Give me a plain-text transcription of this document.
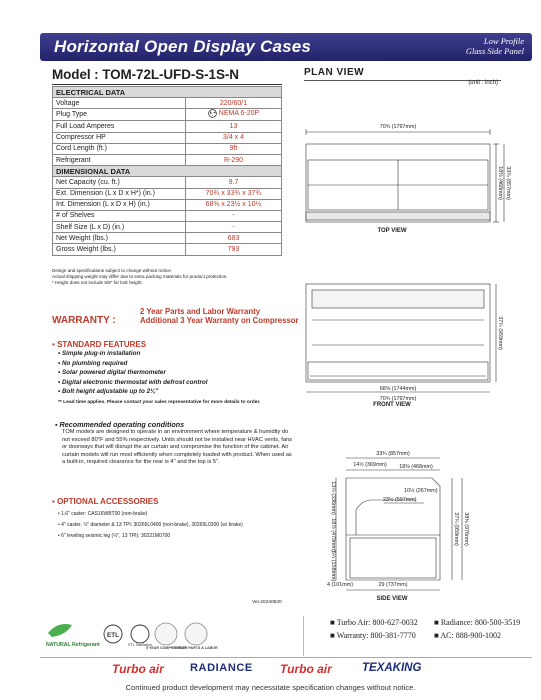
Horizontal Open Display Cases	Low Profile
Glass Side Panel
Model : TOM-72L-UFD-S-1S-N
ELECTRICAL DATA	
Voltage	220/60/1
Plug Type	NEMA 6-20P

Full Load Amperes	13
Compressor HP	3/4 x 4
Cord Length (ft.)	9ft
Refrigerant	R-290
DIMENSIONAL DATA	
Net Capacity (cu. ft.)	9.7
Ext. Dimension (L x D x H*) (in.)	70¾ x 33¾ x 37¾
Int. Dimension (L x D x H) (in.)	68⅝ x 23½ x 10½
# of Shelves	-
Shelf Size (L x D) (in.)	-
Net Weight (lbs.)	683
Gross Weight (lbs.)	793
Design and specifications subject to change without notice.
Actual shipping weight may differ due to extra packing materials for product protection.
* Height does not include 5/8" for bolt height.
WARRANTY :
2 Year Parts and Labor Warranty
Additional 3 Year Warranty on Compressor
▪ STANDARD FEATURES
• Simple plug-in installation
• No plumbing required
• Solar powered digital thermometer
• Digital electronic thermostat with defrost control
• Bolt height adjustable up to 2⅛"
** Lead time applies. Please contact your sales representative for more details to order.
▪ Recommended operating conditions
TOM models are designed to operate in an environment where temperature & humidity do not exceed 80°F and 55% respectively. Units should not be installed near HVAC vents, fans or doorways that will disrupt the air curtain and compromise the function of the cabinet. Air curtain models will run most efficiently when completely loaded with product. When used as a built-in, required clearance for the rear is 4" and the top is 5".
▪ OPTIONAL ACCESSORIES
• 1.6" caster: CAS16WBT00 (non-brake)
• 4" caster, ½" diameter & 13 TPI: 30265L0400 (non-brake), 30265L0300 (w/ brake)
• 6" leveling seismic leg (½", 13 TPI): 30221M0700
Ver.20240530
PLAN VIEW
(unit : inch)
70¾ (1797mm)
18⅜ (468mm) 33¾ (857mm)
68⅝ (1744mm)
70¾ (1797mm)
37¾ (959mm)
33¾ (857mm)
14½ (369mm) 18⅜ (468mm)
23½ (597mm)
10½ (267mm)
13¼ (336mm)
18⅞ (479mm)
6¼ (158mm)
4 (101mm)	29 (737mm)
37¾ (959mm) 38⅜ (976mm)
TOP VIEW
FRONT VIEW
SIDE VIEW
NATURAL Refrigerant
ETL
ETL Sanitation
5 YEAR COMPRESSOR
2 YEAR PARTS & LABOR
■ Turbo Air: 800-627-0032
■ Warranty: 800-381-7770
■ Radiance: 800-500-3519
■ AC: 888-900-1002
Turbo air RADIANCE Turbo air	TEXAKING
Continued product development may necessitate specification changes without notice.
